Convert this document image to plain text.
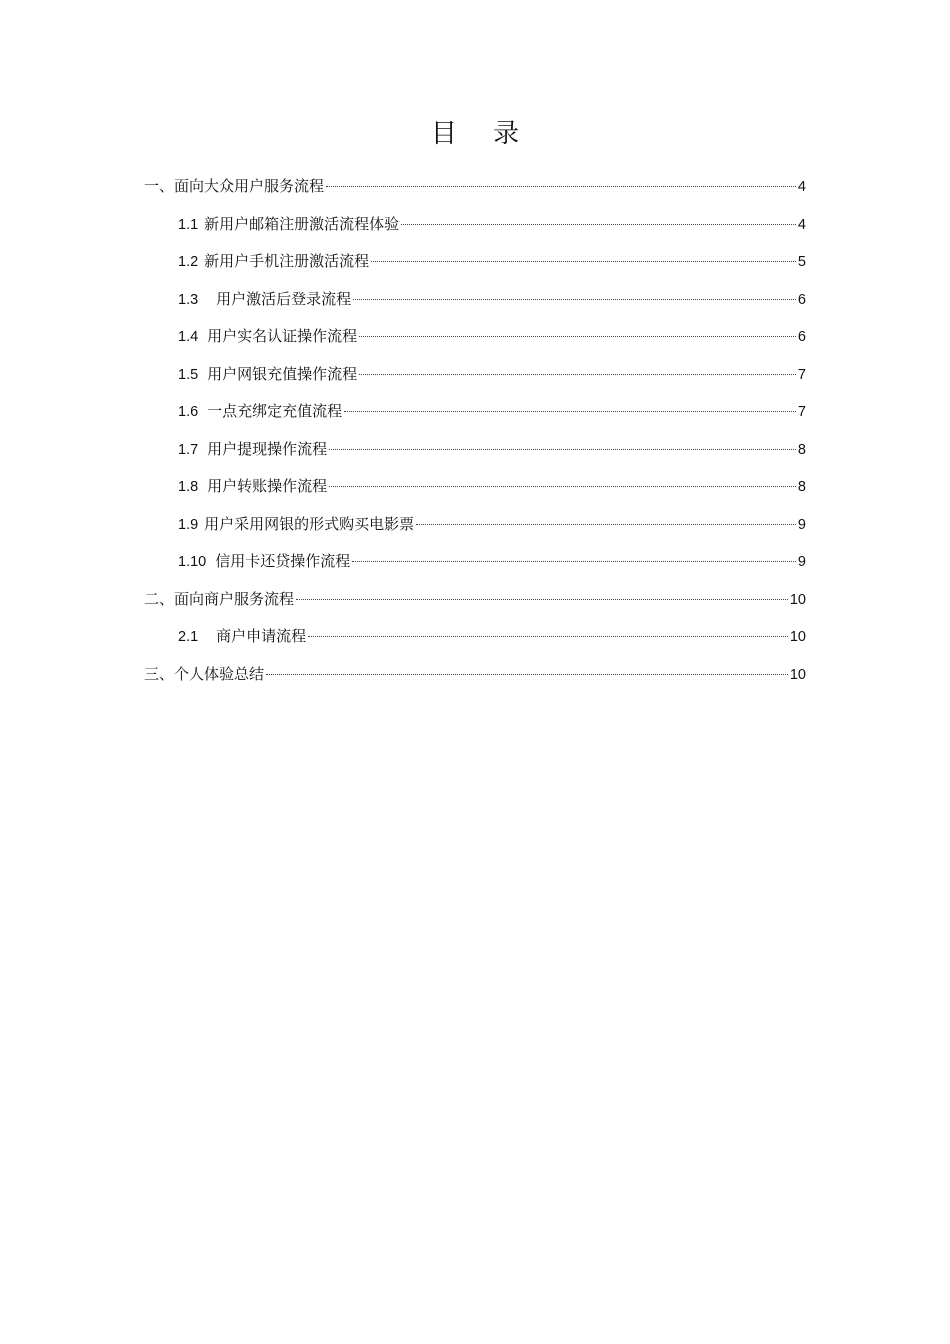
目 录
一、面向大众用户服务流程	4
1.1 新用户邮箱注册激活流程体验	4
1.2 新用户手机注册激活流程	5
1.3 用户激活后登录流程	6
1.4 用户实名认证操作流程	6
1.5 用户网银充值操作流程	7
1.6 一点充绑定充值流程	7
1.7 用户提现操作流程	8
1.8 用户转账操作流程	8
1.9 用户采用网银的形式购买电影票	9
1.10 信用卡还贷操作流程	9
二、面向商户服务流程	10
2.1 商户申请流程	10
三、个人体验总结	10
